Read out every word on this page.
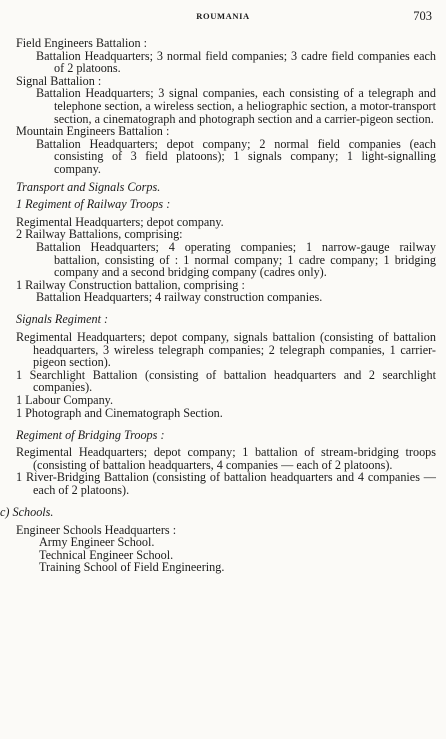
ROUMANIA	703

Field Engineers Battalion :

Battalion Headquarters; 3 normal field companies; 3 cadre field companies each of 2 platoons.

Signal Battalion :

Battalion Headquarters; 3 signal companies, each consisting of a telegraph and telephone section, a wireless section, a heliographic section, a motor-transport section, a cinematograph and photograph section and a carrier-pigeon section.

Mountain Engineers Battalion :

Battalion Headquarters; depot company; 2 normal field companies (each consisting of 3 field platoons); 1 signals company; 1 light-signalling company.

Transport and Signals Corps.

1 Regiment of Railway Troops :

Regimental Headquarters; depot company.

2 Railway Battalions, comprising:

Battalion Headquarters; 4 operating companies; 1 narrow-gauge railway battalion, consisting of : 1 normal company; 1 cadre company; 1 bridging company and a second bridging company (cadres only).

1 Railway Construction battalion, comprising :

Battalion Headquarters; 4 railway construction companies.

Signals Regiment :

Regimental Headquarters; depot company, signals battalion (consisting of battalion headquarters, 3 wireless telegraph companies; 2 telegraph companies, 1 carrier-pigeon section).

1 Searchlight Battalion (consisting of battalion headquarters and 2 searchlight companies).

1 Labour Company.

1 Photograph and Cinematograph Section.

Regiment of Bridging Troops :

Regimental Headquarters; depot company; 1 battalion of stream-bridging troops (consisting of battalion headquarters, 4 companies — each of 2 platoons).

1 River-Bridging Battalion (consisting of battalion headquarters and 4 companies — each of 2 platoons).

c) Schools.

Engineer Schools Headquarters :

Army Engineer School.

Technical Engineer School.

Training School of Field Engineering.
